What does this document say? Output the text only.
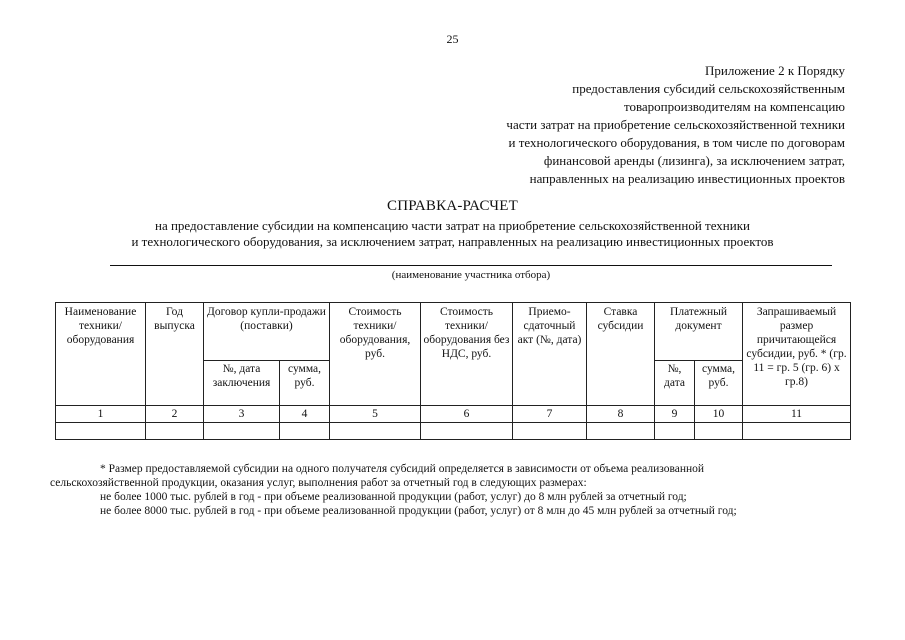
25
Приложение 2 к Порядку
предоставления субсидий сельскохозяйственным
товаропроизводителям на компенсацию
части затрат на приобретение сельскохозяйственной техники
и технологического оборудования, в том числе по договорам
финансовой аренды (лизинга), за исключением затрат,
направленных на реализацию инвестиционных проектов
СПРАВКА-РАСЧЕТ
на предоставление субсидии на компенсацию части затрат на приобретение сельскохозяйственной техники
и технологического оборудования, за исключением затрат, направленных на реализацию инвестиционных проектов
(наименование участника отбора)
Наименование техники/ оборудования	Год выпуска	Договор купли-продажи (поставки)		Стоимость техники/ оборудования, руб.	Стоимость техники/ оборудования без НДС, руб.	Приемо-сдаточный акт (№, дата)	Ставка субсидии	Платежный документ		Запрашиваемый размер причитающейся субсидии, руб. * (гр. 11 = гр. 5 (гр. 6) х гр.8)
		№, дата заключения	сумма, руб.					№, дата	сумма, руб.	
1	2	3	4	5	6	7	8	9	10	11

* Размер предоставляемой субсидии на одного получателя субсидий определяется в зависимости от объема реализованной
сельскохозяйственной продукции, оказания услуг, выполнения работ за отчетный год в следующих размерах:
не более 1000 тыс. рублей в год - при объеме реализованной продукции (работ, услуг) до 8 млн рублей за отчетный год;
не более 8000 тыс. рублей в год - при объеме реализованной продукции (работ, услуг) от 8 млн до 45 млн рублей за отчетный год;
